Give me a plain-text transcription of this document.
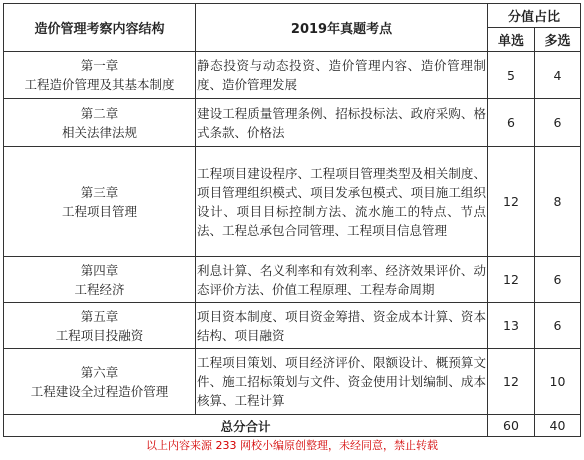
造价管理考察内容结构	2019年真题考点	分值占比	
		单选	多选

第一章
工程造价管理及其基本制度	静态投资与动态投资、造价管理内容、造价管理制度、造价管理发展	5	4

第二章
相关法律法规	建设工程质量管理条例、招标投标法、政府采购、格式条款、价格法	6	6

第三章
工程项目管理	工程项目建设程序、工程项目管理类型及相关制度、项目管理组织模式、项目发承包模式、项目施工组织设计、项目目标控制方法、流水施工的特点、节点法、工程总承包合同管理、工程项目信息管理	12	8

第四章
工程经济	利息计算、名义利率和有效利率、经济效果评价、动态评价方法、价值工程原理、工程寿命周期	12	6

第五章
工程项目投融资	项目资本制度、项目资金筹措、资金成本计算、资本结构、项目融资	13	6

第六章
工程建设全过程造价管理	工程项目策划、项目经济评价、限额设计、概预算文件、施工招标策划与文件、资金使用计划编制、成本核算、工程计算	12	10
总分合计		60	40
以上内容来源 233 网校小编原创整理，未经同意，禁止转载
